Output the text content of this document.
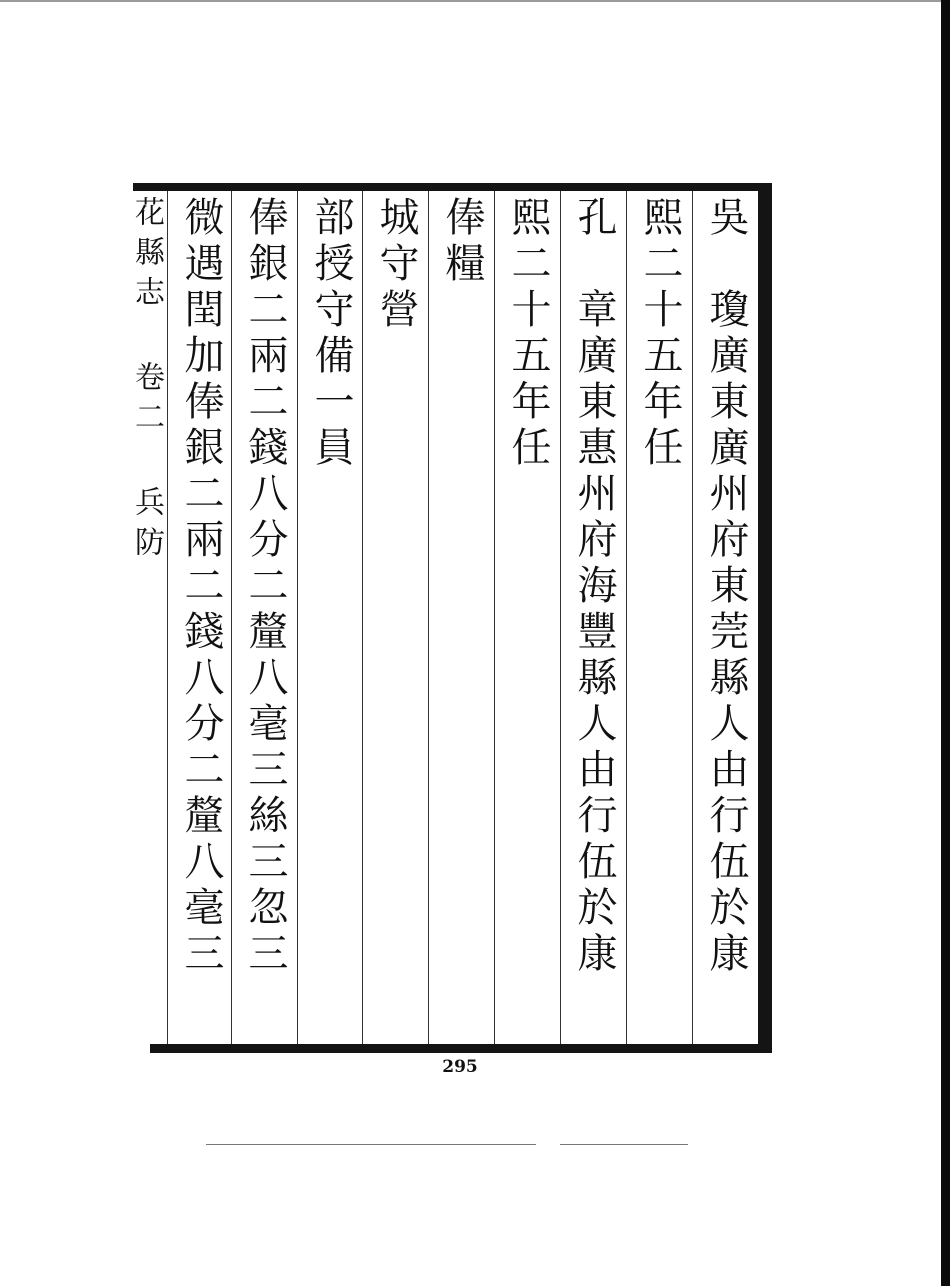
吳　瓊廣東廣州府東莞縣人由行伍於康
熙二十五年任
孔　章廣東惠州府海豐縣人由行伍於康
熙二十五年任
俸糧
城守營
部授守備一員
俸銀二兩二錢八分二釐八毫三絲三忽三
微遇閏加俸銀二兩二錢八分二釐八毫三
花縣志 卷二 兵防
295
